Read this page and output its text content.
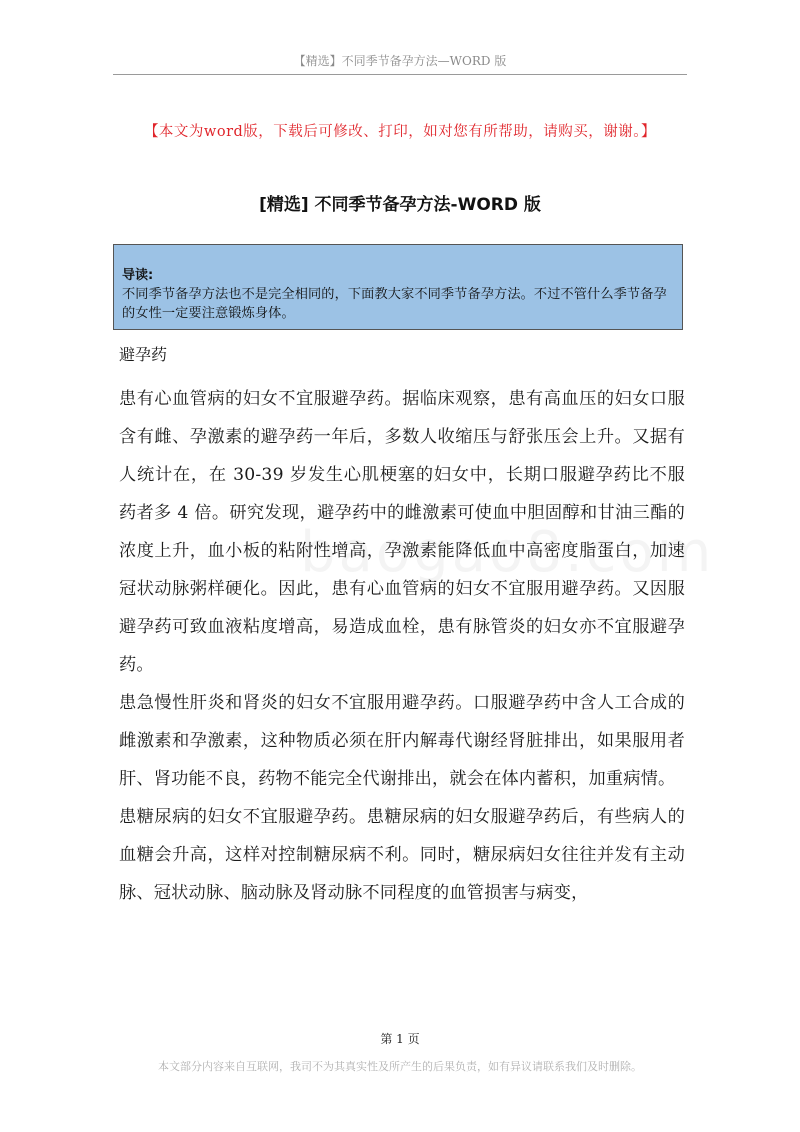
【精选】不同季节备孕方法—WORD 版
【本文为word版，下载后可修改、打印，如对您有所帮助，请购买，谢谢。】
[精选] 不同季节备孕方法-WORD 版
导读:
不同季节备孕方法也不是完全相同的，下面教大家不同季节备孕方法。不过不管什么季节备孕的女性一定要注意锻炼身体。
避孕药

患有心血管病的妇女不宜服避孕药。据临床观察，患有高血压的妇女口服含有雌、孕激素的避孕药一年后，多数人收缩压与舒张压会上升。又据有人统计在，在 30-39 岁发生心肌梗塞的妇女中，长期口服避孕药比不服药者多 4 倍。研究发现，避孕药中的雌激素可使血中胆固醇和甘油三酯的浓度上升，血小板的粘附性增高，孕激素能降低血中高密度脂蛋白，加速冠状动脉粥样硬化。因此，患有心血管病的妇女不宜服用避孕药。又因服避孕药可致血液粘度增高，易造成血栓，患有脉管炎的妇女亦不宜服避孕药。

患急慢性肝炎和肾炎的妇女不宜服用避孕药。口服避孕药中含人工合成的雌激素和孕激素，这种物质必须在肝内解毒代谢经肾脏排出，如果服用者肝、肾功能不良，药物不能完全代谢排出，就会在体内蓄积，加重病情。

患糖尿病的妇女不宜服避孕药。患糖尿病的妇女服避孕药后，有些病人的血糖会升高，这样对控制糖尿病不利。同时，糖尿病妇女往往并发有主动脉、冠状动脉、脑动脉及肾动脉不同程度的血管损害与病变，

第 1 页
本文部分内容来自互联网，我司不为其真实性及所产生的后果负责，如有异议请联系我们及时删除。
